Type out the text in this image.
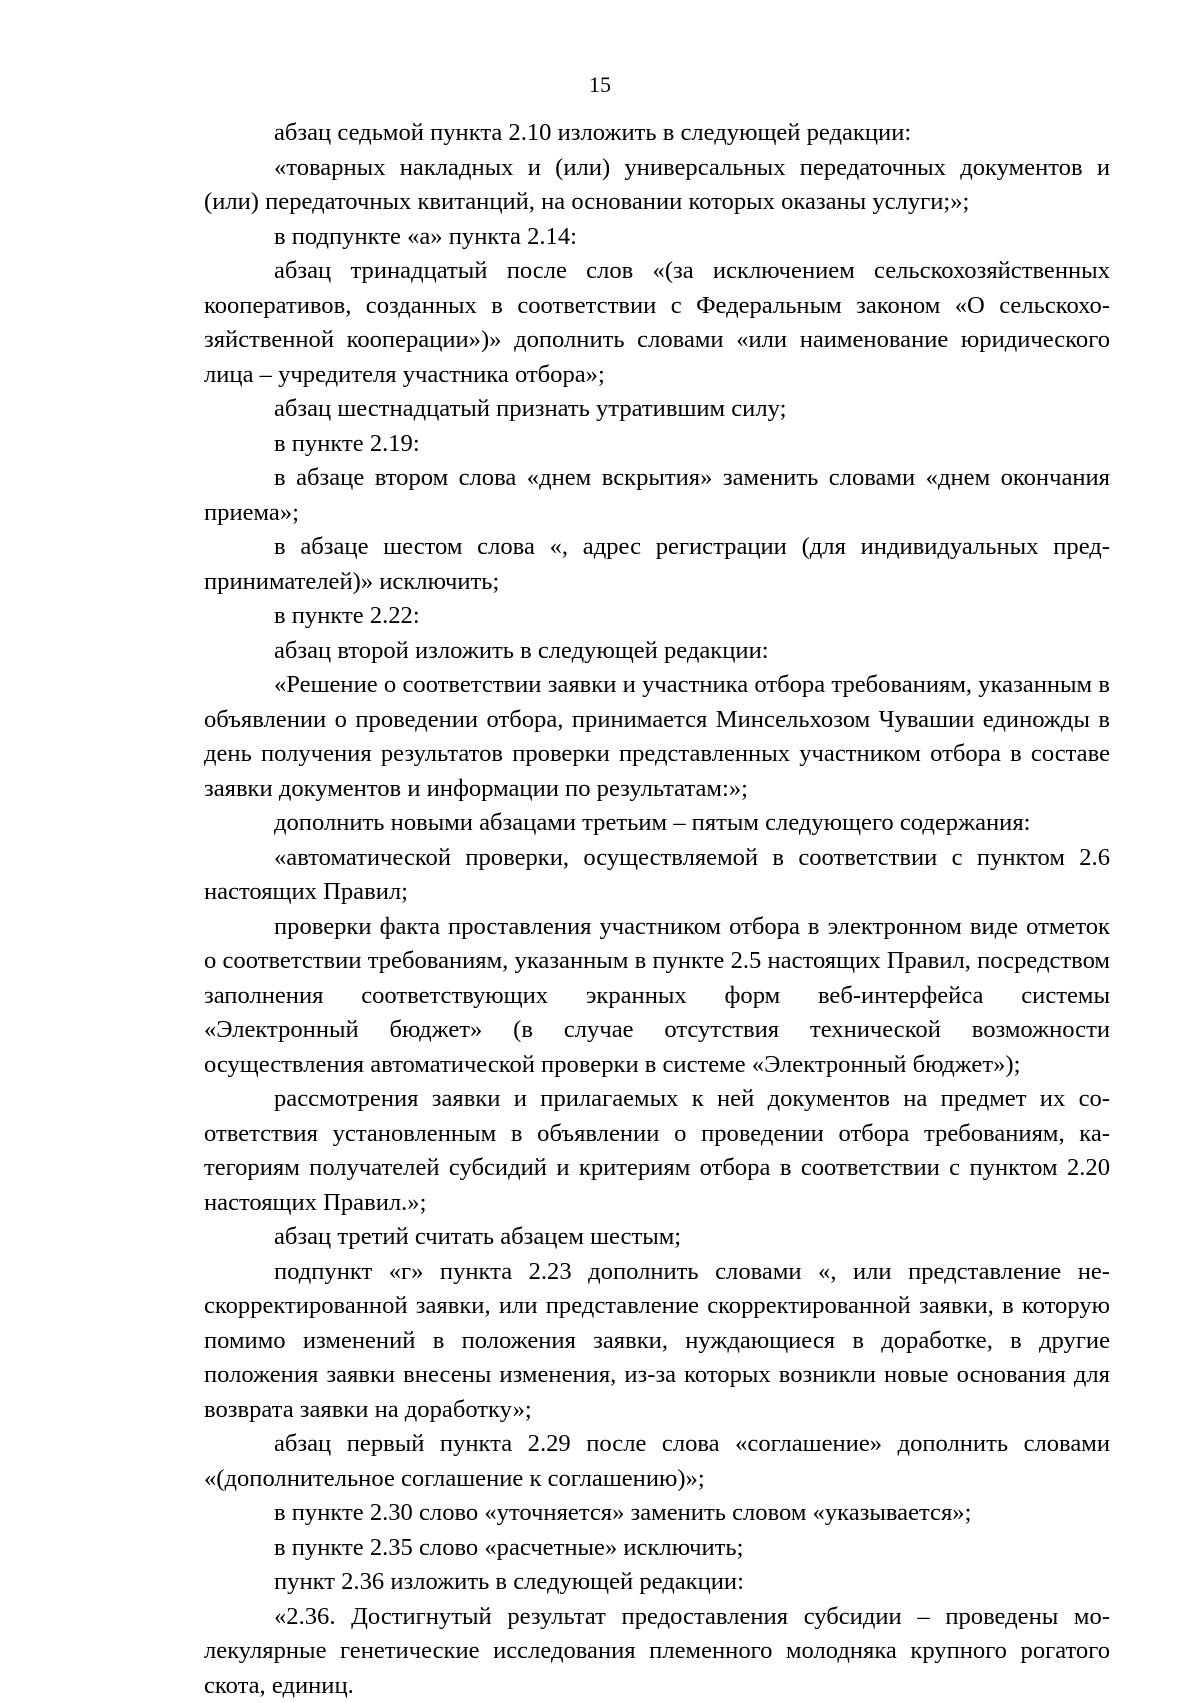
15

абзац седьмой пункта 2.10 изложить в следующей редакции:

«товарных накладных и (или) универсальных передаточных документов и (или) передаточных квитанций, на основании которых оказаны услуги;»;

в подпункте «а» пункта 2.14:

абзац тринадцатый после слов «(за исключением сельскохозяйственных кооперативов, созданных в соответствии с Федеральным законом «О сельскохозяйственной кооперации»)» дополнить словами «или наименование юридического лица – учредителя участника отбора»;

абзац шестнадцатый признать утратившим силу;

в пункте 2.19:

в абзаце втором слова «днем вскрытия» заменить словами «днем окончания приема»;

в абзаце шестом слова «, адрес регистрации (для индивидуальных предпринимателей)» исключить;

в пункте 2.22:

абзац второй изложить в следующей редакции:

«Решение о соответствии заявки и участника отбора требованиям, указанным в объявлении о проведении отбора, принимается Минсельхозом Чувашии единожды в день получения результатов проверки представленных участником отбора в составе заявки документов и информации по результатам:»;

дополнить новыми абзацами третьим – пятым следующего содержания:

«автоматической проверки, осуществляемой в соответствии с пунктом 2.6 настоящих Правил;

проверки факта проставления участником отбора в электронном виде отметок о соответствии требованиям, указанным в пункте 2.5 настоящих Правил, посредством заполнения соответствующих экранных форм веб-интерфейса системы «Электронный бюджет» (в случае отсутствия технической возможности осуществления автоматической проверки в системе «Электронный бюджет»);

рассмотрения заявки и прилагаемых к ней документов на предмет их соответствия установленным в объявлении о проведении отбора требованиям, категориям получателей субсидий и критериям отбора в соответствии с пунктом 2.20 настоящих Правил.»;

абзац третий считать абзацем шестым;

подпункт «г» пункта 2.23 дополнить словами «, или представление нескорректированной заявки, или представление скорректированной заявки, в которую помимо изменений в положения заявки, нуждающиеся в доработке, в другие положения заявки внесены изменения, из-за которых возникли новые основания для возврата заявки на доработку»;

абзац первый пункта 2.29 после слова «соглашение» дополнить словами «(дополнительное соглашение к соглашению)»;

в пункте 2.30 слово «уточняется» заменить словом «указывается»;

в пункте 2.35 слово «расчетные» исключить;

пункт 2.36 изложить в следующей редакции:

«2.36. Достигнутый результат предоставления субсидии – проведены молекулярные генетические исследования племенного молодняка крупного рогатого скота, единиц.
